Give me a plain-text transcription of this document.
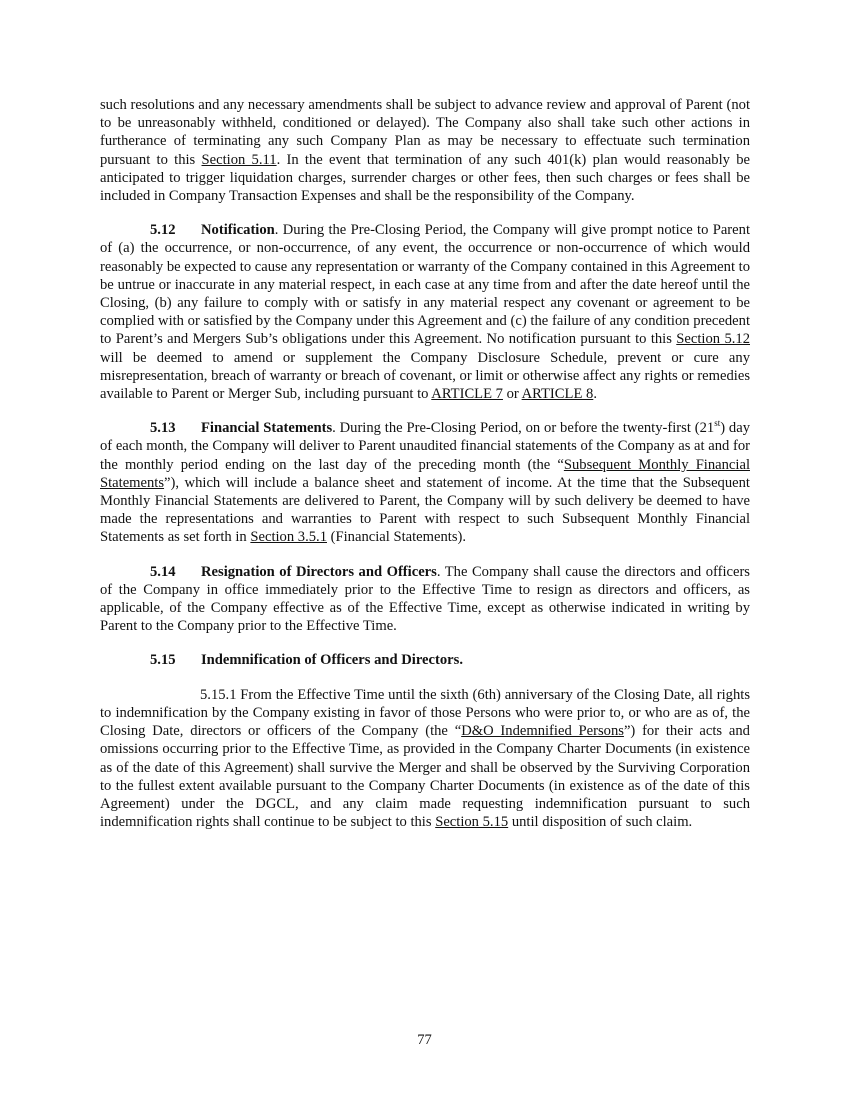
such resolutions and any necessary amendments shall be subject to advance review and approval of Parent (not to be unreasonably withheld, conditioned or delayed). The Company also shall take such other actions in furtherance of terminating any such Company Plan as may be necessary to effectuate such termination pursuant to this Section 5.11. In the event that termination of any such 401(k) plan would reasonably be anticipated to trigger liquidation charges, surrender charges or other fees, then such charges or fees shall be included in Company Transaction Expenses and shall be the responsibility of the Company.

5.12 Notification. During the Pre-Closing Period, the Company will give prompt notice to Parent of (a) the occurrence, or non-occurrence, of any event, the occurrence or non-occurrence of which would reasonably be expected to cause any representation or warranty of the Company contained in this Agreement to be untrue or inaccurate in any material respect, in each case at any time from and after the date hereof until the Closing, (b) any failure to comply with or satisfy in any material respect any covenant or agreement to be complied with or satisfied by the Company under this Agreement and (c) the failure of any condition precedent to Parent’s and Mergers Sub’s obligations under this Agreement. No notification pursuant to this Section 5.12 will be deemed to amend or supplement the Company Disclosure Schedule, prevent or cure any misrepresentation, breach of warranty or breach of covenant, or limit or otherwise affect any rights or remedies available to Parent or Merger Sub, including pursuant to ARTICLE 7 or ARTICLE 8.

5.13 Financial Statements. During the Pre-Closing Period, on or before the twenty-first (21st) day of each month, the Company will deliver to Parent unaudited financial statements of the Company as at and for the monthly period ending on the last day of the preceding month (the “Subsequent Monthly Financial Statements”), which will include a balance sheet and statement of income. At the time that the Subsequent Monthly Financial Statements are delivered to Parent, the Company will by such delivery be deemed to have made the representations and warranties to Parent with respect to such Subsequent Monthly Financial Statements as set forth in Section 3.5.1 (Financial Statements).

5.14 Resignation of Directors and Officers. The Company shall cause the directors and officers of the Company in office immediately prior to the Effective Time to resign as directors and officers, as applicable, of the Company effective as of the Effective Time, except as otherwise indicated in writing by Parent to the Company prior to the Effective Time.

5.15 Indemnification of Officers and Directors.

5.15.1 From the Effective Time until the sixth (6th) anniversary of the Closing Date, all rights to indemnification by the Company existing in favor of those Persons who were prior to, or who are as of, the Closing Date, directors or officers of the Company (the “D&O Indemnified Persons”) for their acts and omissions occurring prior to the Effective Time, as provided in the Company Charter Documents (in existence as of the date of this Agreement) shall survive the Merger and shall be observed by the Surviving Corporation to the fullest extent available pursuant to the Company Charter Documents (in existence as of the date of this Agreement) under the DGCL, and any claim made requesting indemnification pursuant to such indemnification rights shall continue to be subject to this Section 5.15 until disposition of such claim.

77
